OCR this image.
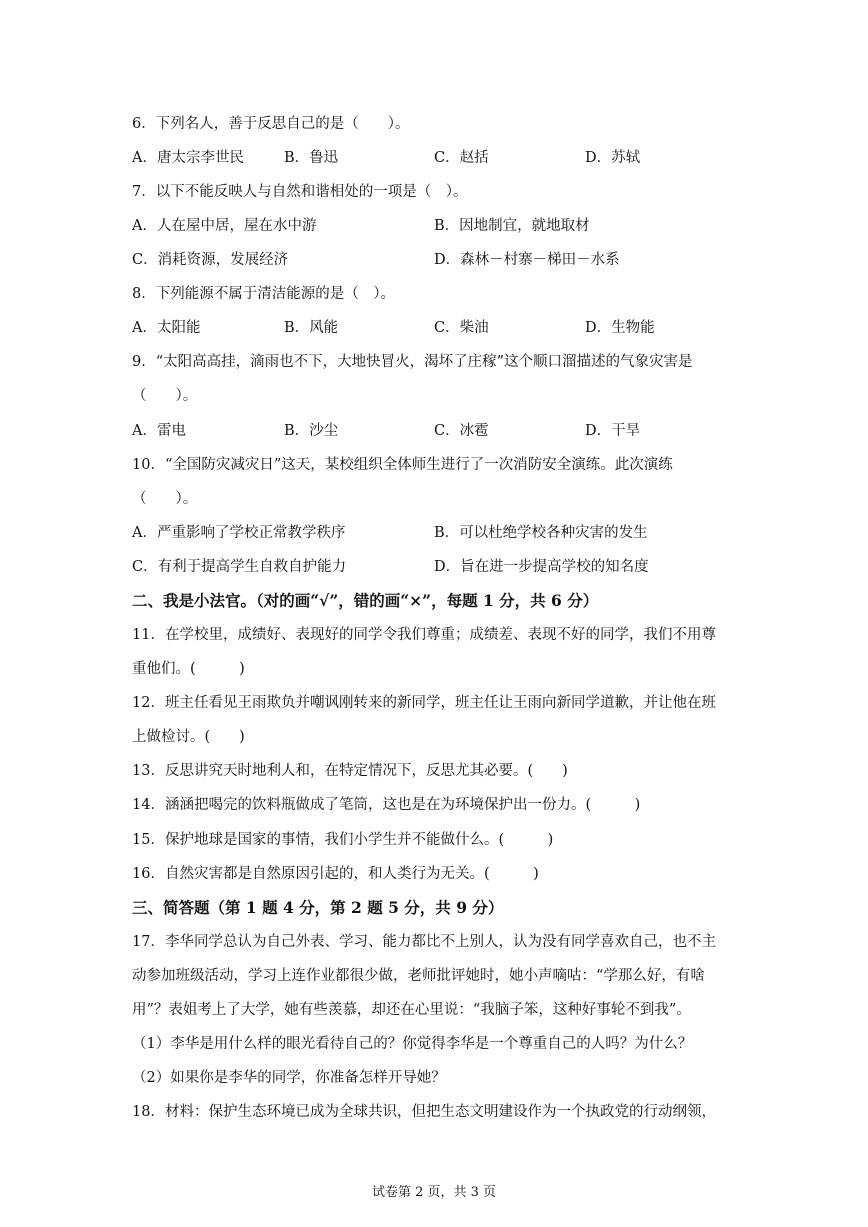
6．下列名人，善于反思自己的是（　　）。
A．唐太宗李世民	B．鲁迅	C．赵括	D．苏轼
7．以下不能反映人与自然和谐相处的一项是（　）。
A．人在屋中居，屋在水中游	B．因地制宜，就地取材
C．消耗资源，发展经济	D．森林－村寨－梯田－水系
8．下列能源不属于清洁能源的是（　）。
A．太阳能	B．风能	C．柴油	D．生物能
9．“太阳高高挂，滴雨也不下，大地快冒火，渴坏了庄稼”这个顺口溜描述的气象灾害是
（　　）。
A．雷电	B．沙尘	C．冰雹	D．干旱
10．“全国防灾减灾日”这天，某校组织全体师生进行了一次消防安全演练。此次演练
（　　）。
A．严重影响了学校正常教学秩序	B．可以杜绝学校各种灾害的发生
C．有利于提高学生自救自护能力	D．旨在进一步提高学校的知名度
二、我是小法官。（对的画“√”，错的画“×”，每题 1 分，共 6 分）
11．在学校里，成绩好、表现好的同学令我们尊重；成绩差、表现不好的同学，我们不用尊
重他们。(　　　)
12．班主任看见王雨欺负并嘲讽刚转来的新同学，班主任让王雨向新同学道歉，并让他在班
上做检讨。(　　)
13．反思讲究天时地利人和，在特定情况下，反思尤其必要。(　　)
14．涵涵把喝完的饮料瓶做成了笔筒，这也是在为环境保护出一份力。(　　　)
15．保护地球是国家的事情，我们小学生并不能做什么。(　　　)
16．自然灾害都是自然原因引起的，和人类行为无关。(　　　)
三、简答题（第 1 题 4 分，第 2 题 5 分，共 9 分）
17．李华同学总认为自己外表、学习、能力都比不上别人，认为没有同学喜欢自己，也不主
动参加班级活动，学习上连作业都很少做，老师批评她时，她小声嘀咕：“学那么好，有啥
用”？表姐考上了大学，她有些羡慕，却还在心里说：“我脑子笨，这种好事轮不到我”。
（1）李华是用什么样的眼光看待自己的？你觉得李华是一个尊重自己的人吗？为什么？
（2）如果你是李华的同学，你准备怎样开导她？
18．材料：保护生态环境已成为全球共识，但把生态文明建设作为一个执政党的行动纲领，
试卷第 2 页，共 3 页
